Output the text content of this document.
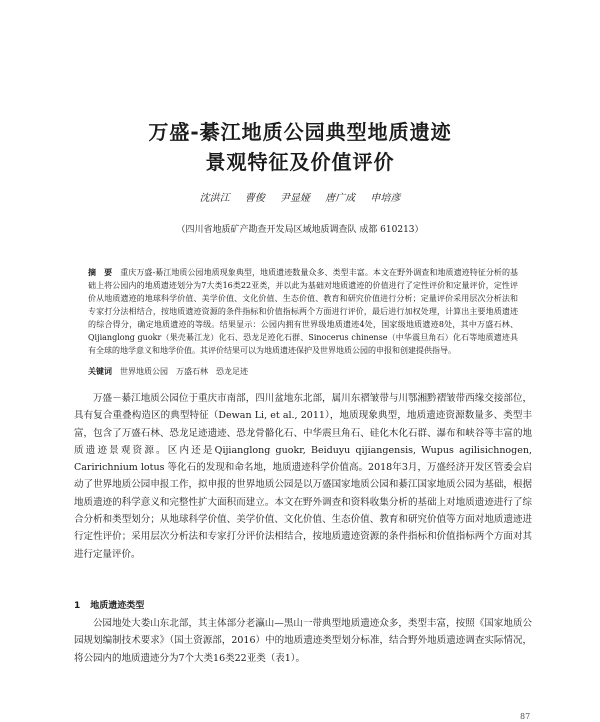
万盛-綦江地质公园典型地质遗迹
景观特征及价值评价
沈洪江 曹俊 尹显娅 唐广成 申培彦
（四川省地质矿产勘查开发局区域地质调查队 成都 610213）
摘　要 重庆万盛-綦江地质公园地质现象典型，地质遗迹数量众多、类型丰富。本文在野外调查和地质遗迹特征分析的基础上将公园内的地质遗迹划分为7大类16类22亚类，并以此为基础对地质遗迹的价值进行了定性评价和定量评价，定性评价从地质遗迹的地球科学价值、美学价值、文化价值、生态价值、教育和研究价值进行分析；定量评价采用层次分析法和专家打分法相结合，按地质遗迹资源的条件指标和价值指标两个方面进行评价，最后进行加权处理，计算出主要地质遗迹的综合得分，确定地质遗迹的等级。结果显示：公园内拥有世界级地质遗迹4处，国家级地质遗迹8处，其中万盛石林、Qijianglong guokr（果壳綦江龙）化石、恐龙足迹化石群、Sinocerus chinense（中华震旦角石）化石等地质遗迹具有全球的地学意义和地学价值。其评价结果可以为地质遗迹保护及世界地质公园的申报和创建提供指导。
关键词 世界地质公园　万盛石林　恐龙足迹
万盛－綦江地质公园位于重庆市南部，四川盆地东北部，属川东褶皱带与川鄂湘黔褶皱带西缘交接部位，具有复合重叠构造区的典型特征（Dewan Li, et al., 2011），地质现象典型，地质遗迹资源数量多、类型丰富，包含了万盛石林、恐龙足迹遗迹、恐龙骨骼化石、中华震旦角石、硅化木化石群、瀑布和峡谷等丰富的地质遗迹景观资源。区内还是Qijianglong guokr, Beiduyu qijiangensis, Wupus agilisichnogen, Caririchnium lotus 等化石的发现和命名地，地质遗迹科学价值高。2018年3月，万盛经济开发区管委会启动了世界地质公园申报工作，拟申报的世界地质公园是以万盛国家地质公园和綦江国家地质公园为基础，根据地质遗迹的科学意义和完整性扩大面积而建立。本文在野外调查和资料收集分析的基础上对地质遗迹进行了综合分析和类型划分；从地球科学价值、美学价值、文化价值、生态价值、教育和研究价值等方面对地质遗迹进行定性评价；采用层次分析法和专家打分评价法相结合，按地质遗迹资源的条件指标和价值指标两个方面对其进行定量评价。
1 地质遗迹类型
公园地处大娄山东北部，其主体部分老瀛山—黑山一带典型地质遗迹众多，类型丰富，按照《国家地质公园规划编制技术要求》（国土资源部，2016）中的地质遗迹类型划分标准，结合野外地质遗迹调查实际情况，将公园内的地质遗迹分为7个大类16类22亚类（表1）。
87
